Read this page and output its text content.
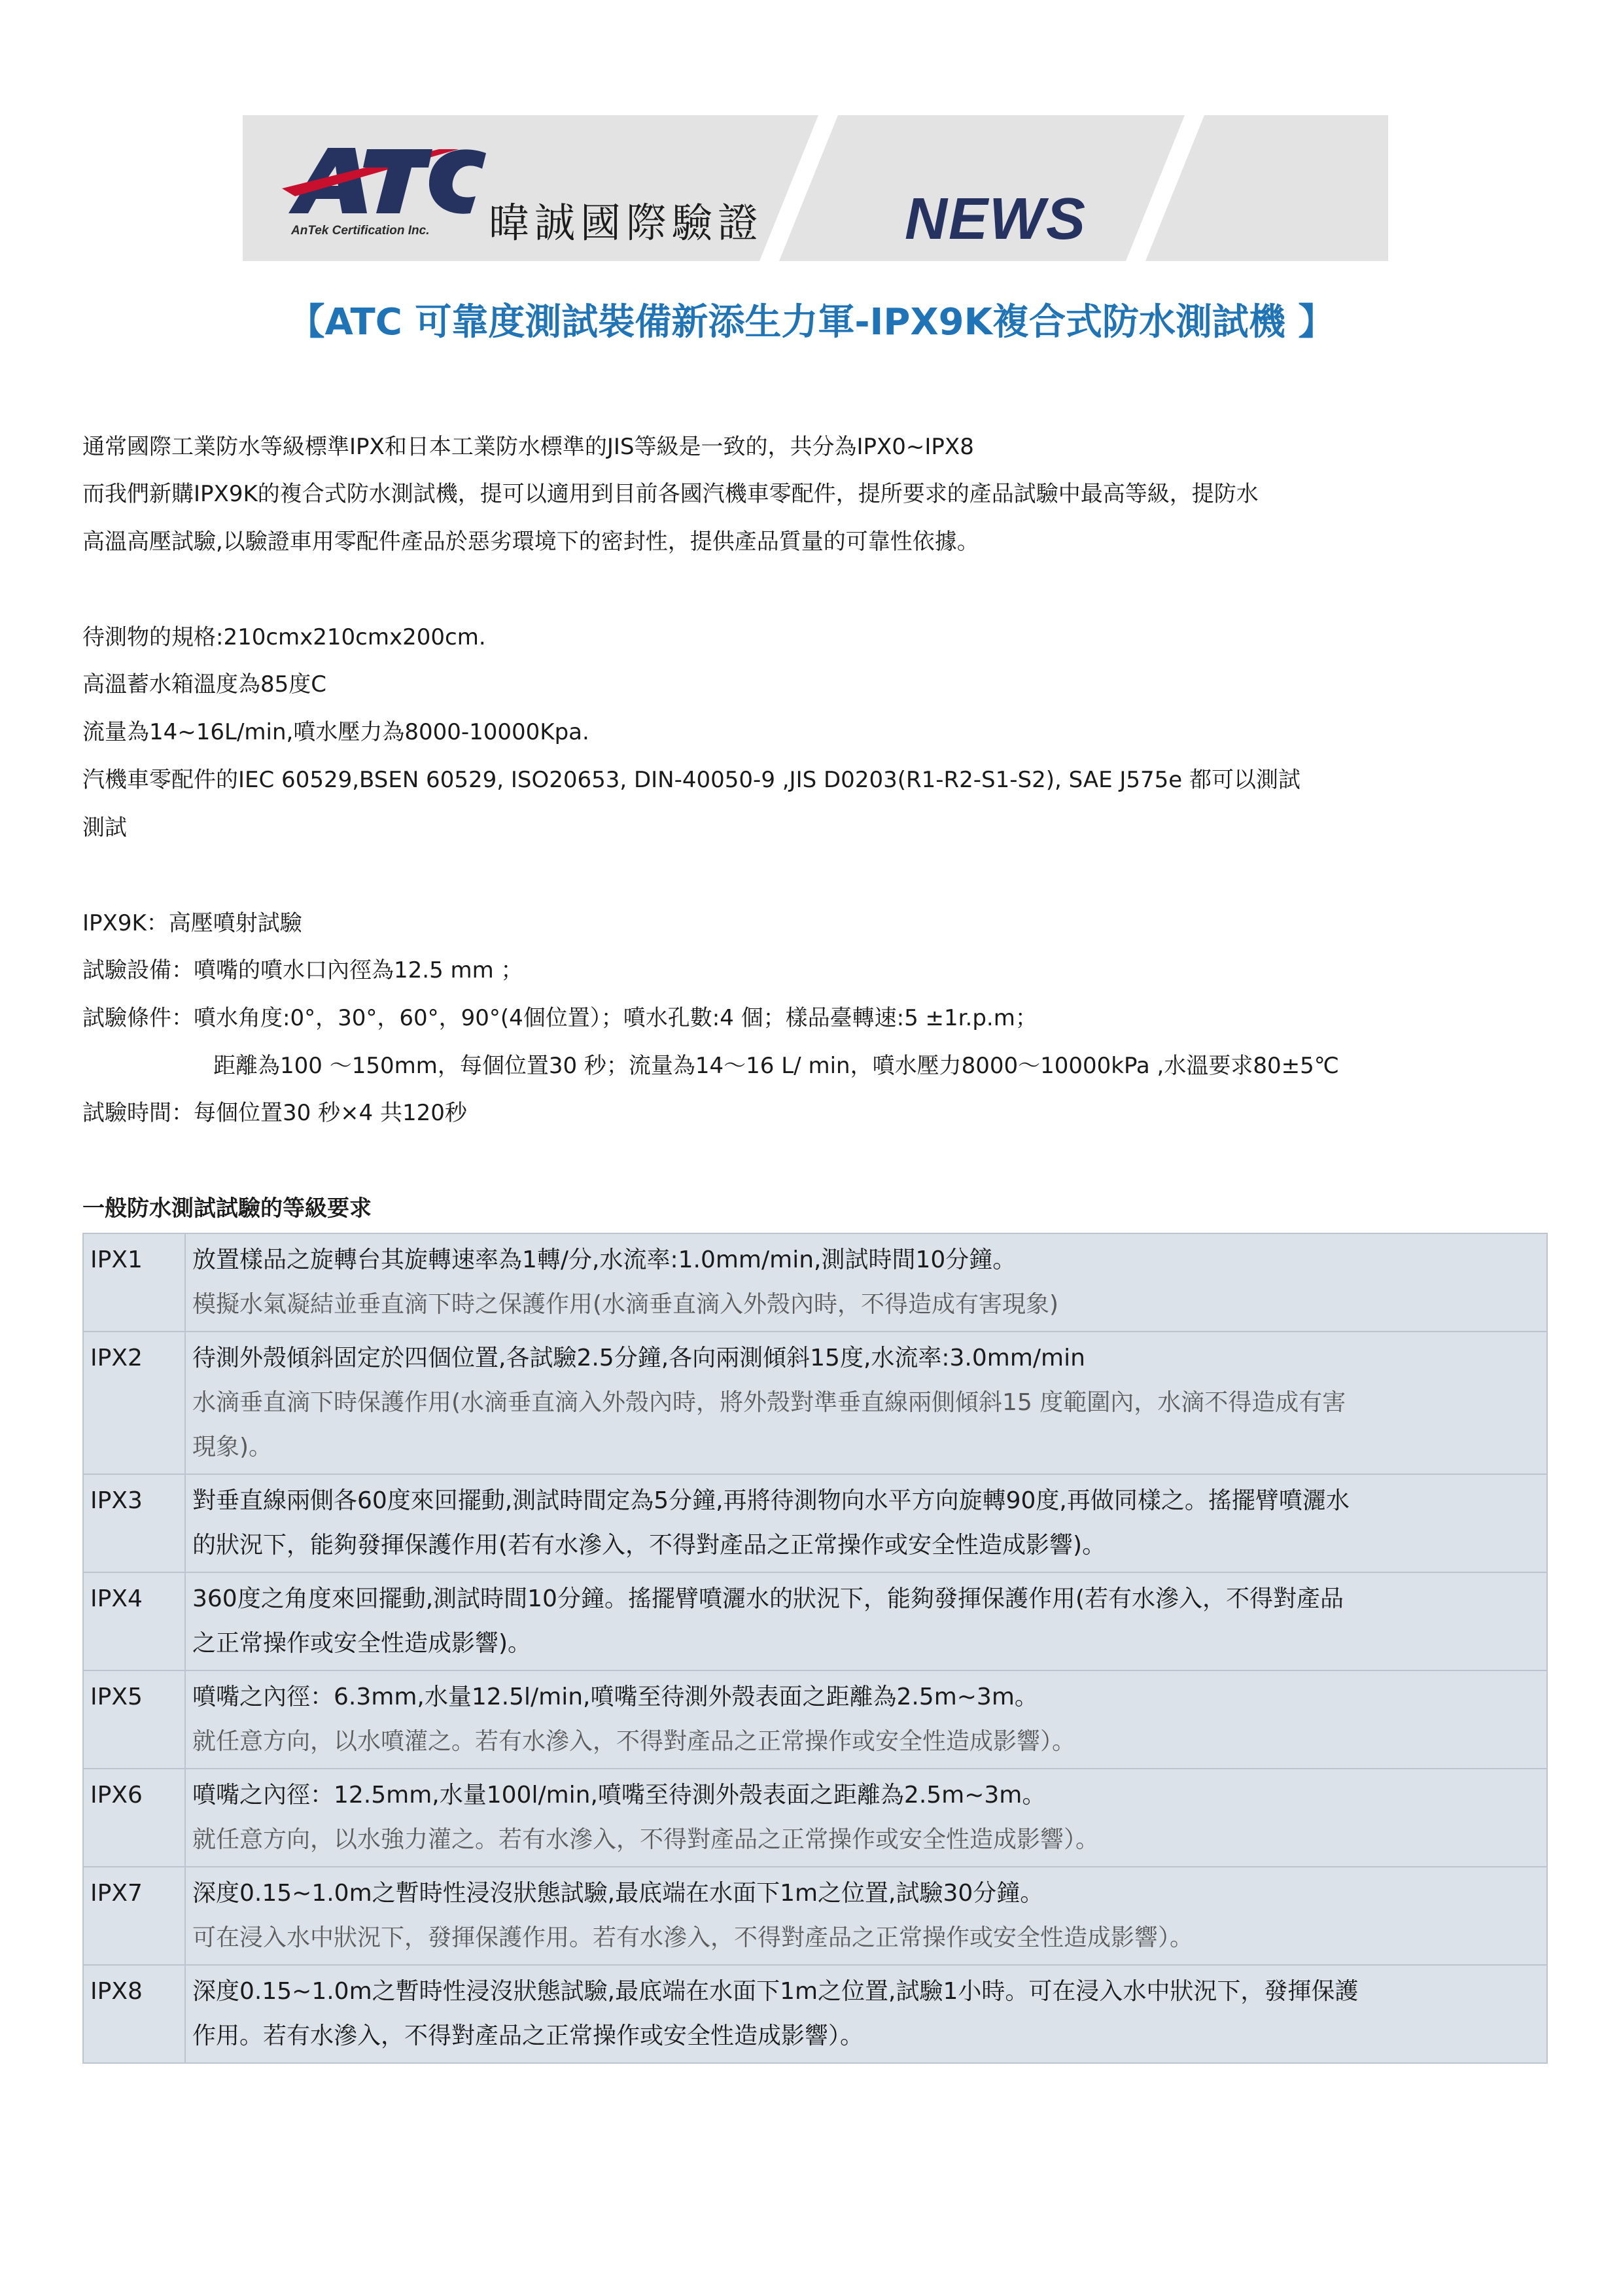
AnTek Certification Inc. 暐誠國際驗證 NEWS
【ATC 可靠度測試裝備新添生力軍-IPX9K複合式防水測試機 】
通常國際工業防水等級標準IPX和日本工業防水標準的JIS等級是一致的，共分為IPX0~IPX8
而我們新購IPX9K的複合式防水測試機，提可以適用到目前各國汽機車零配件，提所要求的產品試驗中最高等級，提防水
高溫高壓試驗,以驗證車用零配件產品於惡劣環境下的密封性，提供產品質量的可靠性依據。
待測物的規格:210cmx210cmx200cm.
高溫蓄水箱溫度為85度C
流量為14~16L/min,噴水壓力為8000-10000Kpa.
汽機車零配件的IEC 60529,BSEN 60529, ISO20653, DIN-40050-9 ,JIS D0203(R1-R2-S1-S2), SAE J575e 都可以測試
測試
IPX9K：高壓噴射試驗
試驗設備：噴嘴的噴水口內徑為12.5 mm ；
試驗條件：噴水角度:0°，30°，60°，90°(4個位置）；噴水孔數:4 個；樣品臺轉速:5 ±1r.p.m；
距離為100 ～150mm，每個位置30 秒；流量為14～16 L/ min，噴水壓力8000～10000kPa ,水溫要求80±5℃
試驗時間：每個位置30 秒×4 共120秒
一般防水測試試驗的等級要求
IPX1	放置樣品之旋轉台其旋轉速率為1轉/分,水流率:1.0mm/min,測試時間10分鐘。
模擬水氣凝結並垂直滴下時之保護作用(水滴垂直滴入外殼內時，不得造成有害現象)

IPX2	待測外殼傾斜固定於四個位置,各試驗2.5分鐘,各向兩測傾斜15度,水流率:3.0mm/min
水滴垂直滴下時保護作用(水滴垂直滴入外殼內時，將外殼對準垂直線兩側傾斜15 度範圍內，水滴不得造成有害
現象)。

IPX3	對垂直線兩側各60度來回擺動,測試時間定為5分鐘,再將待測物向水平方向旋轉90度,再做同樣之。搖擺臂噴灑水
的狀況下，能夠發揮保護作用(若有水滲入，不得對產品之正常操作或安全性造成影響)。

IPX4	360度之角度來回擺動,測試時間10分鐘。搖擺臂噴灑水的狀況下，能夠發揮保護作用(若有水滲入，不得對產品
之正常操作或安全性造成影響)。

IPX5	噴嘴之內徑：6.3mm,水量12.5l/min,噴嘴至待測外殼表面之距離為2.5m~3m。
就任意方向，以水噴灌之。若有水滲入，不得對產品之正常操作或安全性造成影響）。

IPX6	噴嘴之內徑：12.5mm,水量100l/min,噴嘴至待測外殼表面之距離為2.5m~3m。
就任意方向，以水強力灌之。若有水滲入，不得對產品之正常操作或安全性造成影響）。

IPX7	深度0.15~1.0m之暫時性浸沒狀態試驗,最底端在水面下1m之位置,試驗30分鐘。
可在浸入水中狀況下，發揮保護作用。若有水滲入，不得對產品之正常操作或安全性造成影響）。

IPX8	深度0.15~1.0m之暫時性浸沒狀態試驗,最底端在水面下1m之位置,試驗1小時。可在浸入水中狀況下，發揮保護
作用。若有水滲入，不得對產品之正常操作或安全性造成影響）。
